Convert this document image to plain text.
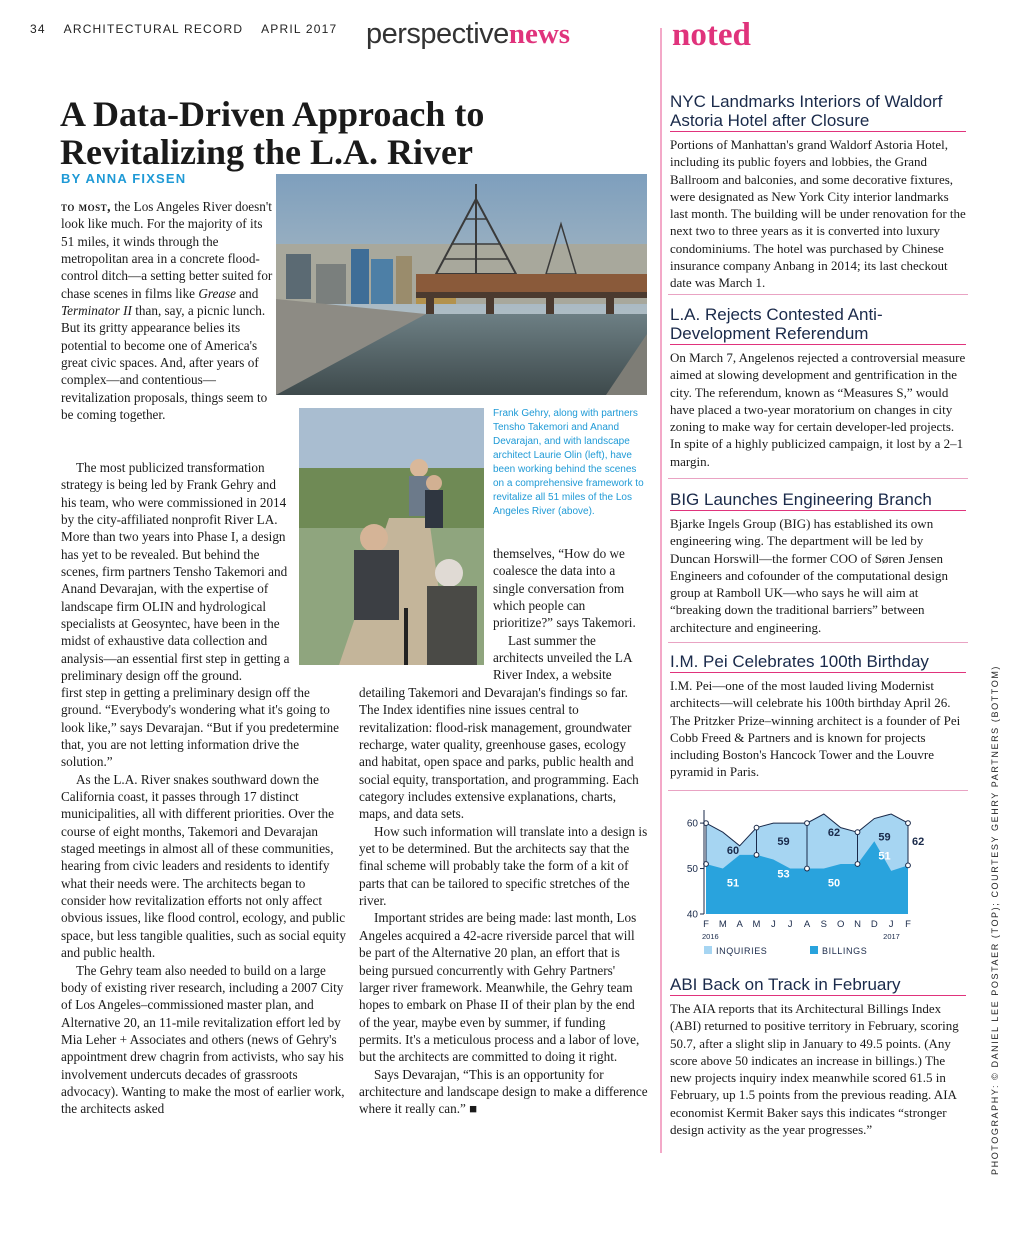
34 ARCHITECTURAL RECORD APRIL 2017 perspectivenews	noted
A Data-Driven Approach to Revitalizing the L.A. River
BY ANNA FIXSEN
Frank Gehry, along with partners Tensho Takemori and Anand Devarajan, and with landscape architect Laurie Olin (left), have been working behind the scenes on a comprehensive framework to revitalize all 51 miles of the Los Angeles River (above).

to most, the Los Angeles River doesn't look like much. For the majority of its 51 miles, it winds through the metropolitan area in a concrete flood-control ditch—a setting better suited for chase scenes in films like Grease and Terminator II than, say, a picnic lunch. But its gritty appearance belies its potential to become one of America's great civic spaces. And, after years of complex—and contentious—revitalization proposals, things seem to be coming together.

The most publicized transformation strategy is being led by Frank Gehry and his team, who were commissioned in 2014 by the city-affiliated nonprofit River LA. More than two years into Phase I, a design has yet to be revealed. But behind the scenes, firm partners Tensho Takemori and Anand Devarajan, with the expertise of landscape firm OLIN and hydrological specialists at Geosyntec, have been in the midst of exhaustive data collection and analysis—an essential first step in getting a preliminary design off the ground.

first step in getting a preliminary design off the ground. “Everybody's wondering what it's going to look like,” says Devarajan. “But if you predetermine that, you are not letting information drive the solution.”

As the L.A. River snakes southward down the California coast, it passes through 17 distinct municipalities, all with different priorities. Over the course of eight months, Takemori and Devarajan staged meetings in almost all of these communities, hearing from civic leaders and residents to identify what their needs were. The architects began to consider how revitalization efforts not only affect obvious issues, like flood control, ecology, and public space, but less tangible qualities, such as social equity and public health.

The Gehry team also needed to build on a large body of existing river research, including a 2007 City of Los Angeles–commissioned master plan, and Alternative 20, an 11-mile revitalization effort led by Mia Leher + Associates and others (news of Gehry's appointment drew chagrin from activists, who say his involvement undercuts decades of grassroots advocacy). Wanting to make the most of earlier work, the architects asked

themselves, “How do we coalesce the data into a single conversation from which people can prioritize?” says Takemori.

Last summer the architects unveiled the LA River Index, a website

detailing Takemori and Devarajan's findings so far. The Index identifies nine issues central to revitalization: flood-risk management, groundwater recharge, water quality, greenhouse gases, ecology and habitat, open space and parks, public health and social equity, transportation, and programming. Each category includes extensive explanations, charts, maps, and data sets.

How such information will translate into a design is yet to be determined. But the architects say that the final scheme will probably take the form of a kit of parts that can be tailored to specific stretches of the river.

Important strides are being made: last month, Los Angeles acquired a 42-acre riverside parcel that will be part of the Alternative 20 plan, an effort that is being pursued concurrently with Gehry Partners' larger river framework. Meanwhile, the Gehry team hopes to embark on Phase II of their plan by the end of the year, maybe even by summer, if funding permits. It's a meticulous process and a labor of love, but the architects are committed to doing it right.

Says Devarajan, “This is an opportunity for architecture and landscape design to make a difference where it really can.” ■

NYC Landmarks Interiors of Waldorf Astoria Hotel after Closure

Portions of Manhattan's grand Waldorf Astoria Hotel, including its public foyers and lobbies, the Grand Ballroom and balconies, and some decorative fixtures, were designated as New York City interior landmarks last month. The building will be under renovation for the next two to three years as it is converted into luxury condominiums. The hotel was purchased by Chinese insurance company Anbang in 2014; its last checkout date was March 1.

L.A. Rejects Contested Anti-Development Referendum

On March 7, Angelenos rejected a controversial measure aimed at slowing development and gentrification in the city. The referendum, known as “Measures S,” would have placed a two-year moratorium on changes in city zoning to make way for certain developer-led projects. In spite of a highly publicized campaign, it lost by a 2–1 margin.

BIG Launches Engineering Branch

Bjarke Ingels Group (BIG) has established its own engineering wing. The department will be led by Duncan Horswill—the former COO of Søren Jensen Engineers and cofounder of the computational design group at Ramboll UK—who says he will aim at “breaking down the traditional barriers” between architecture and engineering.

I.M. Pei Celebrates 100th Birthday

I.M. Pei—one of the most lauded living Modernist architects—will celebrate his 100th birthday April 26. The Pritzker Prize–winning architect is a founder of Pei Cobb Freed & Partners and is known for projects including Boston's Hancock Tower and the Louvre pyramid in Paris.

60
59
62	59 62
51
53
50
51
51
40
50
60
F M A M J J A S O N D J F
2016	2017
INQUIRIES	BILLINGS
ABI Back on Track in February

The AIA reports that its Architectural Billings Index (ABI) returned to positive territory in February, scoring 50.7, after a slight slip in January to 49.5 points. (Any score above 50 indicates an increase in billings.) The new projects inquiry index meanwhile scored 61.5 in February, up 1.5 points from the previous reading. AIA economist Kermit Baker says this indicates “stronger design activity as the year progresses.”	PHOTOGRAPHY: © DANIEL LEE POSTAER (TOP); COURTESY GEHRY PARTNERS (BOTTOM)
